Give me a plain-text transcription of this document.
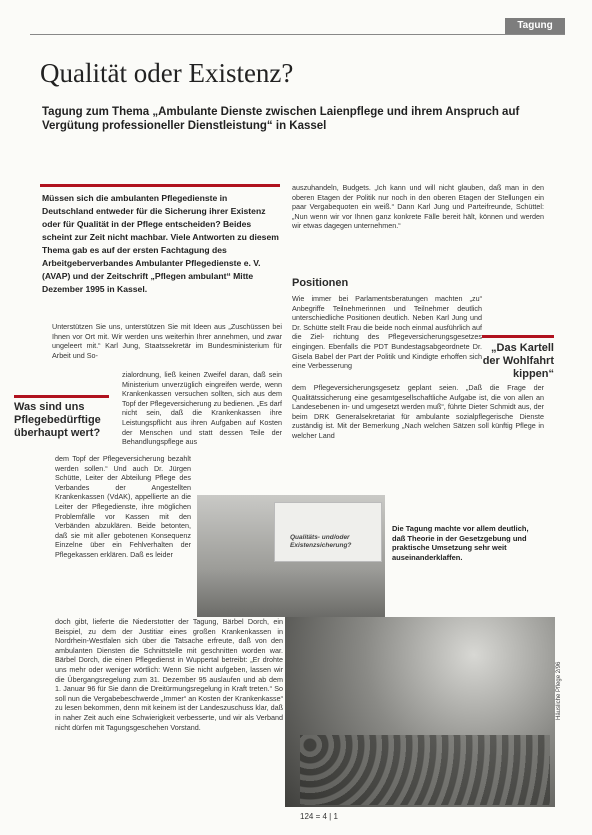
Tagung
Qualität oder Existenz?
Tagung zum Thema „Ambulante Dienste zwischen Laienpflege und ihrem Anspruch auf Vergütung professioneller Dienstleistung“ in Kassel
Müssen sich die ambulanten Pflegedienste in Deutschland entweder für die Sicherung ihrer Existenz oder für Qualität in der Pflege entscheiden? Beides scheint zur Zeit nicht machbar. Viele Antworten zu diesem Thema gab es auf der ersten Fachtagung des Arbeitgeberverbandes Ambulanter Pflegedienste e. V. (AVAP) und der Zeitschrift „Pflegen ambulant“ Mitte Dezember 1995 in Kassel.
Unterstützen Sie uns, unterstützen Sie mit Ideen aus „Zuschüssen bei Ihnen vor Ort mit. Wir werden uns weiterhin Ihrer annehmen, und zwar ungeleert mit.“ Karl Jung, Staatssekretär im Bundesministerium für Arbeit und So-
zialordnung, ließ keinen Zweifel daran, daß sein Ministerium unverzüglich eingreifen werde, wenn Krankenkassen versuchen sollten, sich aus dem Topf der Pflegeversicherung zu bedienen. „Es darf nicht sein, daß die Krankenkassen ihre Leistungspflicht aus ihren Aufgaben auf Kosten der Menschen und statt dessen Teile der Behandlungspflege aus
dem Topf der Pflegeversicherung bezahlt werden sollen.“ Und auch Dr. Jürgen Schütte, Leiter der Abteilung Pflege des Verbandes der Angestellten Krankenkassen (VdAK), appellierte an die Leiter der Pflegedienste, ihre möglichen Problemfälle vor Kassen mit den Verbänden abzuklären. Beide betonten, daß sie mit aller gebotenen Konsequenz Einzelne über ein Fehlverhalten der Pflegekassen erklären. Daß es leider
doch gibt, lieferte die Niederstotter der Tagung, Bärbel Dorch, ein Beispiel, zu dem der Justitiar eines großen Krankenkassen in Nordrhein-Westfalen sich über die Tatsache erfreute, daß von den ambulanten Diensten die Schnittstelle mit geschnitten worden war. Bärbel Dorch, die einen Pflegedienst in Wuppertal betreibt: „Er drohte uns mehr oder weniger wörtlich: Wenn Sie nicht aufgeben, lassen wir die Übergangsregelung zum 31. Dezember 95 auslaufen und ab dem 1. Januar 96 für Sie dann die Dreitürmungsregelung in Kraft treten.“ So soll nun die Vergabebeschwerde „Immer“ an Kosten der Krankenkasse“ zu lesen bekommen, denn mit keinem ist der Landeszuschuss klar, daß in naher Zeit auch eine Schwierigkeit verbesserte, und wir als Verband nicht dürfen mit Tagungsgeschehen Vorstand.
auszuhandeln, Budgets. „Ich kann und will nicht glauben, daß man in den oberen Etagen der Politik nur noch in den oberen Etagen der Stellungen ein paar Vergabequoten ein weiß.“ Dann Karl Jung und Parteifreunde, Schüttel: „Nun wenn wir vor Ihnen ganz konkrete Fälle bereit hält, können und werden wir etwas dagegen unternehmen.“
Positionen
Wie immer bei Parlamentsberatungen machten „zu“ Anbegriffe Teilnehmerinnen und Teilnehmer deutlich unterschiedliche Positionen deutlich. Neben Karl Jung und Dr. Schütte stellt Frau die beide noch einmal ausführlich auf die Ziel- richtung des Pflegeversicherungsgesetzes eingingen. Ebenfalls die PDT Bundestagsabgeordnete Dr. Gisela Babel der Part der Politik und Kindigte erhoffen sich eine Verbesserung
dem Pflegeversicherungsgesetz geplant seien. „Daß die Frage der Qualitätssicherung eine gesamtgesellschaftliche Aufgabe ist, die von allen an Landesebenen in- und umgesetzt werden muß“, führte Dieter Schmidt aus, der beim DRK Generalsekretariat für ambulante sozialpflegerische Dienste zuständig ist. Mit der Bemerkung „Nach welchen Sätzen soll künftig Pflege in welcher Land
Was sind uns Pflegebedürftige überhaupt wert?
„Das Kartell der Wohlfahrt kippen“
Qualitäts- und/oder Existenzsicherung?
Die Tagung machte vor allem deutlich, daß Theorie in der Gesetzgebung und praktische Umsetzung sehr weit auseinanderklaffen.
Häusliche Pflege 2/96
124 = 4 | 1
